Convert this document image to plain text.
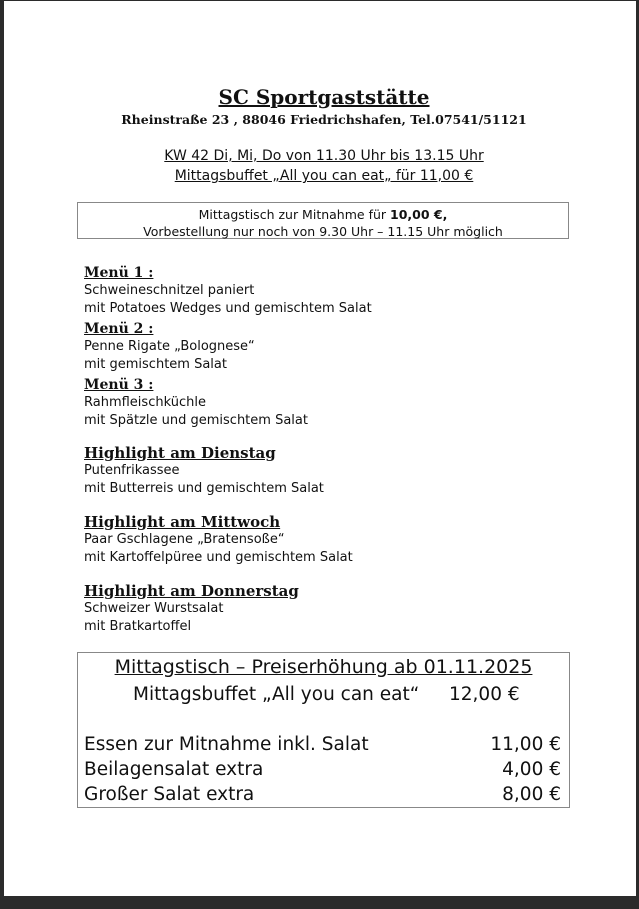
SC Sportgaststätte
Rheinstraße 23 , 88046 Friedrichshafen, Tel.07541/51121
KW 42 Di, Mi, Do von 11.30 Uhr bis 13.15 Uhr
Mittagsbuffet „All you can eat„ für 11,00 €
Mittagstisch zur Mitnahme für 10,00 €,
Vorbestellung nur noch von 9.30 Uhr – 11.15 Uhr möglich
Menü 1 :
Schweineschnitzel paniert
mit Potatoes Wedges und gemischtem Salat
Menü 2 :
Penne Rigate „Bolognese“
mit gemischtem Salat
Menü 3 :
Rahmfleischküchle
mit Spätzle und gemischtem Salat
Highlight am Dienstag
Putenfrikassee
mit Butterreis und gemischtem Salat
Highlight am Mittwoch
Paar Gschlagene „Bratensoße“
mit Kartoffelpüree und gemischtem Salat
Highlight am Donnerstag
Schweizer Wurstsalat
mit Bratkartoffel
Mittagstisch – Preiserhöhung ab 01.11.2025
Mittagsbuffet „All you can eat“ 12,00 €
Essen zur Mitnahme inkl. Salat	11,00 €
Beilagensalat extra	4,00 €
Großer Salat extra	8,00 €
